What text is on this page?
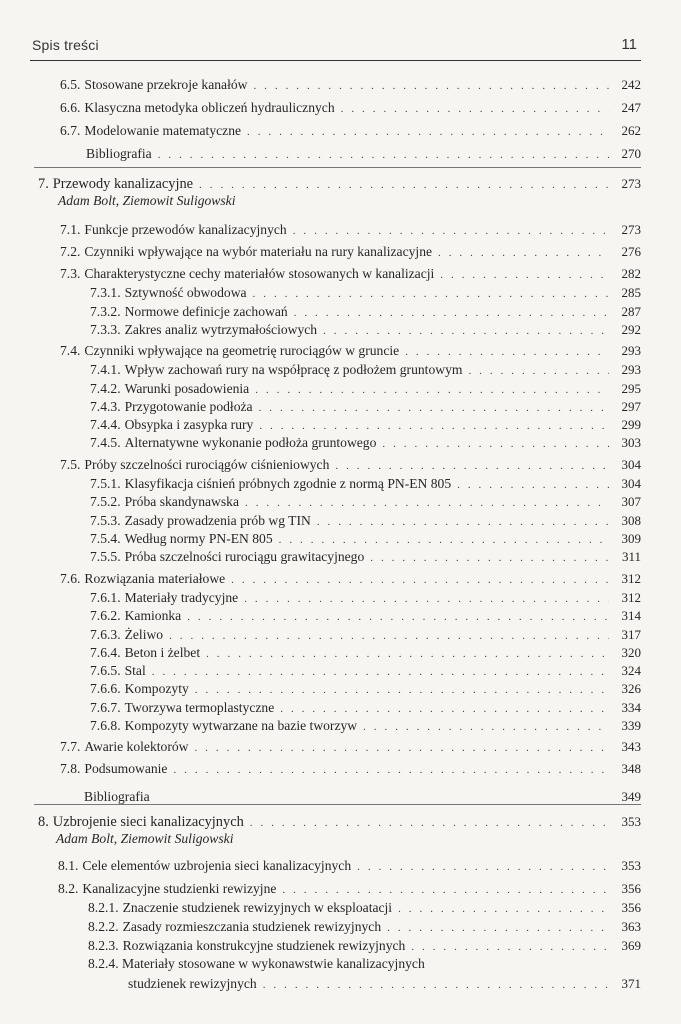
Spis treści	11
6.5. Stosowane przekroje kanałów . . .	242
6.6. Klasyczna metodyka obliczeń hydraulicznych . . .	247
6.7. Modelowanie matematyczne . . .	262
Bibliografia . . .	270
7. Przewody kanalizacyjne . . .	273
Adam Bolt, Ziemowit Suligowski
7.1. Funkcje przewodów kanalizacyjnych . . .	273
7.2. Czynniki wpływające na wybór materiału na rury kanalizacyjne . . .	276
7.3. Charakterystyczne cechy materiałów stosowanych w kanalizacji . . .	282
7.3.1. Sztywność obwodowa . . .	285
7.3.2. Normowe definicje zachowań . . .	287
7.3.3. Zakres analiz wytrzymałościowych . . .	292
7.4. Czynniki wpływające na geometrię rurociągów w gruncie . . .	293
7.4.1. Wpływ zachowań rury na współpracę z podłożem gruntowym . . .	293
7.4.2. Warunki posadowienia . . .	295
7.4.3. Przygotowanie podłoża . . .	297
7.4.4. Obsypka i zasypka rury . . .	299
7.4.5. Alternatywne wykonanie podłoża gruntowego . . .	303
7.5. Próby szczelności rurociągów ciśnieniowych . . .	304
7.5.1. Klasyfikacja ciśnień próbnych zgodnie z normą PN-EN 805 . . .	304
7.5.2. Próba skandynawska . . .	307
7.5.3. Zasady prowadzenia prób wg TIN . . .	308
7.5.4. Według normy PN-EN 805 . . .	309
7.5.5. Próba szczelności rurociągu grawitacyjnego . . .	311
7.6. Rozwiązania materiałowe . . .	312
7.6.1. Materiały tradycyjne . . .	312
7.6.2. Kamionka . . .	314
7.6.3. Żeliwo . . .	317
7.6.4. Beton i żelbet . . .	320
7.6.5. Stal . . .	324
7.6.6. Kompozyty . . .	326
7.6.7. Tworzywa termoplastyczne . . .	334
7.6.8. Kompozyty wytwarzane na bazie tworzyw . . .	339
7.7. Awarie kolektorów . . .	343
7.8. Podsumowanie . . .	348
Bibliografia	349
8. Uzbrojenie sieci kanalizacyjnych . . .	353
Adam Bolt, Ziemowit Suligowski
8.1. Cele elementów uzbrojenia sieci kanalizacyjnych . . .	353
8.2. Kanalizacyjne studzienki rewizyjne . . .	356
8.2.1. Znaczenie studzienek rewizyjnych w eksploatacji . . .	356
8.2.2. Zasady rozmieszczania studzienek rewizyjnych . . .	363
8.2.3. Rozwiązania konstrukcyjne studzienek rewizyjnych . . .	369
8.2.4. Materiały stosowane w wykonawstwie kanalizacyjnych
studzienek rewizyjnych . . .	371
